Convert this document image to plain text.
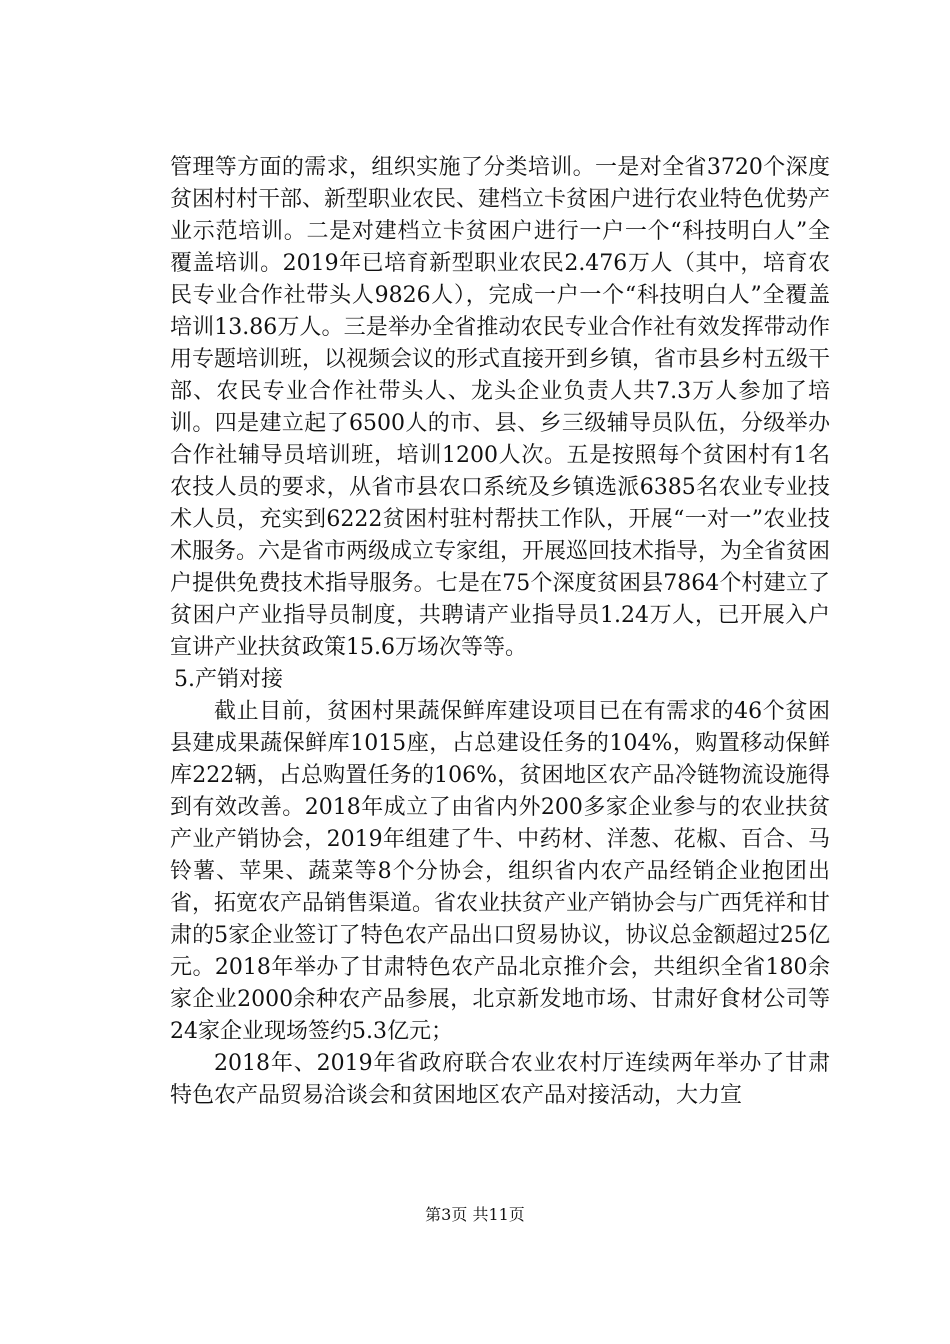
管理等方面的需求，组织实施了分类培训。一是对全省3720个深度贫困村村干部、新型职业农民、建档立卡贫困户进行农业特色优势产业示范培训。二是对建档立卡贫困户进行一户一个“科技明白人”全覆盖培训。2019年已培育新型职业农民2.476万人（其中，培育农民专业合作社带头人9826人），完成一户一个“科技明白人”全覆盖培训13.86万人。三是举办全省推动农民专业合作社有效发挥带动作用专题培训班，以视频会议的形式直接开到乡镇，省市县乡村五级干部、农民专业合作社带头人、龙头企业负责人共7.3万人参加了培训。四是建立起了6500人的市、县、乡三级辅导员队伍，分级举办合作社辅导员培训班，培训1200人次。五是按照每个贫困村有1名农技人员的要求，从省市县农口系统及乡镇选派6385名农业专业技术人员，充实到6222贫困村驻村帮扶工作队，开展“一对一”农业技术服务。六是省市两级成立专家组，开展巡回技术指导，为全省贫困户提供免费技术指导服务。七是在75个深度贫困县7864个村建立了贫困户产业指导员制度，共聘请产业指导员1.24万人，已开展入户宣讲产业扶贫政策15.6万场次等等。

5.产销对接

截止目前，贫困村果蔬保鲜库建设项目已在有需求的46个贫困县建成果蔬保鲜库1015座，占总建设任务的104%，购置移动保鲜库222辆，占总购置任务的106%，贫困地区农产品冷链物流设施得到有效改善。2018年成立了由省内外200多家企业参与的农业扶贫产业产销协会，2019年组建了牛、中药材、洋葱、花椒、百合、马铃薯、苹果、蔬菜等8个分协会，组织省内农产品经销企业抱团出省，拓宽农产品销售渠道。省农业扶贫产业产销协会与广西凭祥和甘肃的5家企业签订了特色农产品出口贸易协议，协议总金额超过25亿元。2018年举办了甘肃特色农产品北京推介会，共组织全省180余家企业2000余种农产品参展，北京新发地市场、甘肃好食材公司等24家企业现场签约5.3亿元；

2018年、2019年省政府联合农业农村厅连续两年举办了甘肃特色农产品贸易洽谈会和贫困地区农产品对接活动，大力宣

第3页 共11页
